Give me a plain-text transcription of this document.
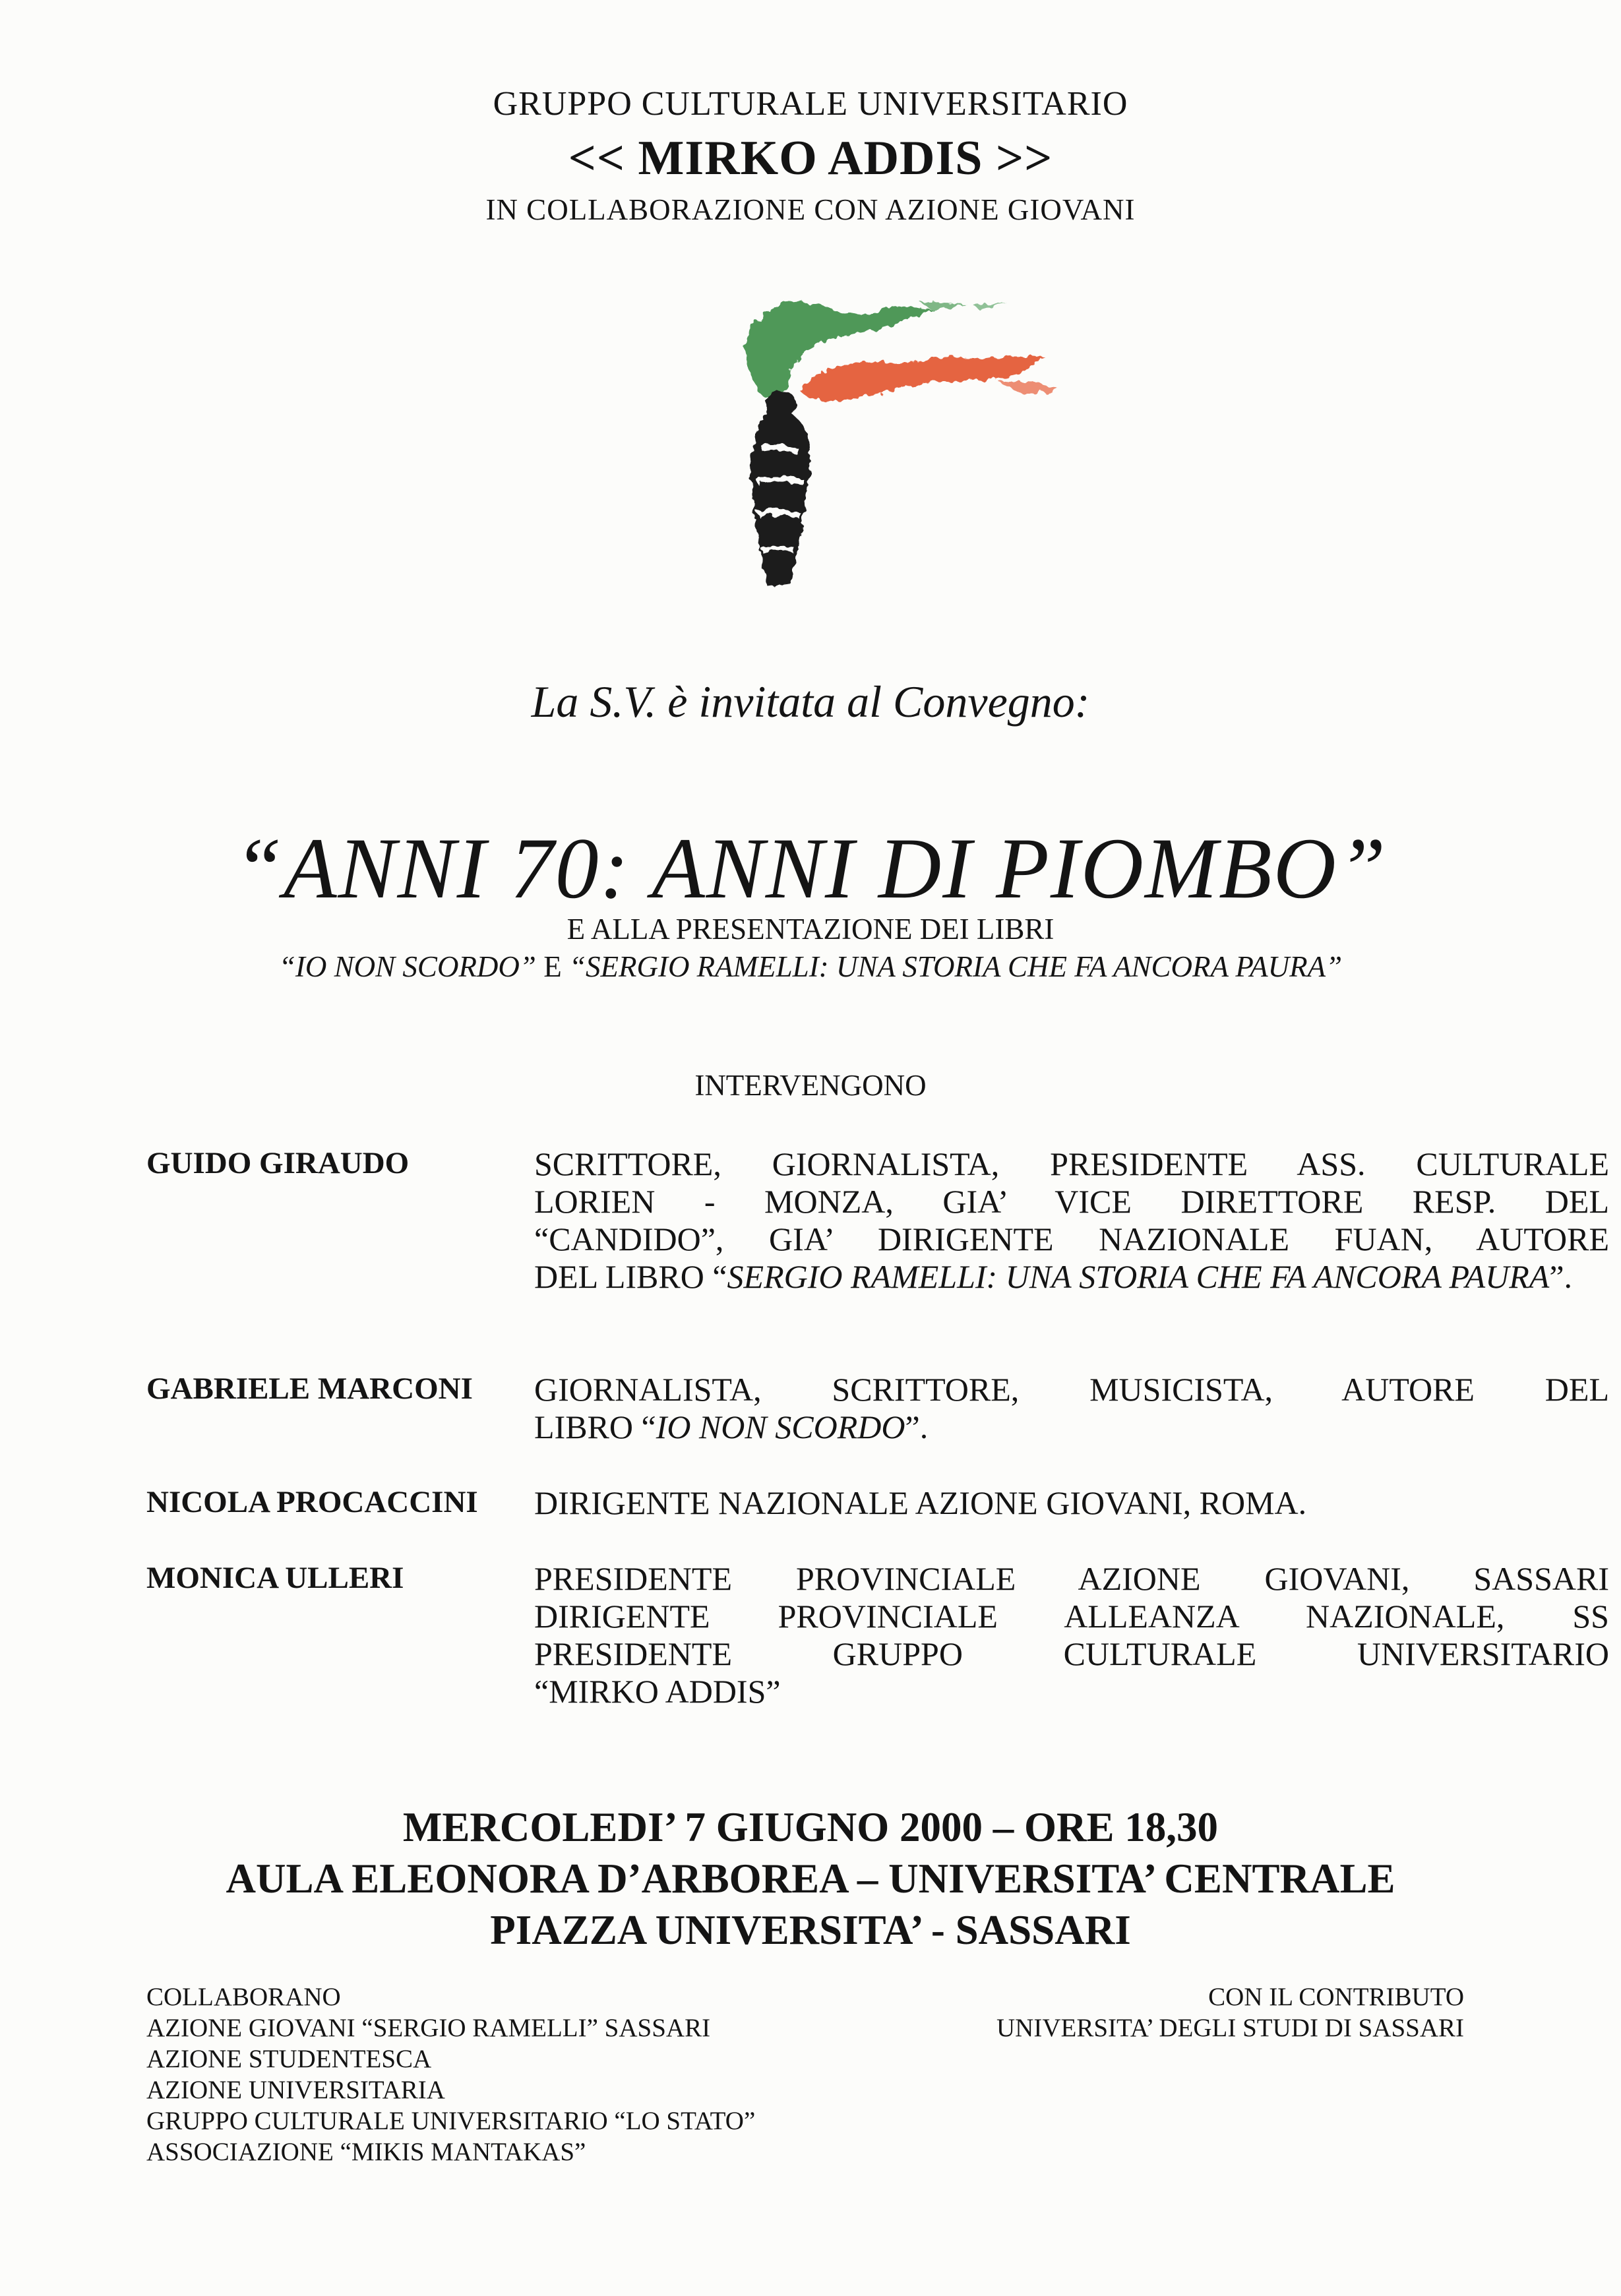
GRUPPO CULTURALE UNIVERSITARIO
<< MIRKO ADDIS >>
IN COLLABORAZIONE CON AZIONE GIOVANI
La S.V. è invitata al Convegno:
“ANNI 70: ANNI DI PIOMBO”
E ALLA PRESENTAZIONE DEI LIBRI
“IO NON SCORDO” E “SERGIO RAMELLI: UNA STORIA CHE FA ANCORA PAURA”
INTERVENGONO
GUIDO GIRAUDO	SCRITTORE, GIORNALISTA, PRESIDENTE ASS. CULTURALE
LORIEN - MONZA, GIA’ VICE DIRETTORE RESP. DEL
“CANDIDO”, GIA’ DIRIGENTE NAZIONALE FUAN, AUTORE
DEL LIBRO “SERGIO RAMELLI: UNA STORIA CHE FA ANCORA PAURA”.
GABRIELE MARCONI	GIORNALISTA, SCRITTORE, MUSICISTA, AUTORE DEL
LIBRO “IO NON SCORDO”.
NICOLA PROCACCINI	DIRIGENTE NAZIONALE AZIONE GIOVANI, ROMA.
MONICA ULLERI	PRESIDENTE PROVINCIALE AZIONE GIOVANI, SASSARI
DIRIGENTE PROVINCIALE ALLEANZA NAZIONALE, SS
PRESIDENTE GRUPPO CULTURALE UNIVERSITARIO
“MIRKO ADDIS”
MERCOLEDI’ 7 GIUGNO 2000 – ORE 18,30
AULA ELEONORA D’ARBOREA – UNIVERSITA’ CENTRALE
PIAZZA UNIVERSITA’ - SASSARI
COLLABORANO
AZIONE GIOVANI “SERGIO RAMELLI” SASSARI
AZIONE STUDENTESCA
AZIONE UNIVERSITARIA
GRUPPO CULTURALE UNIVERSITARIO “LO STATO”
ASSOCIAZIONE “MIKIS MANTAKAS”
CON IL CONTRIBUTO
UNIVERSITA’ DEGLI STUDI DI SASSARI
